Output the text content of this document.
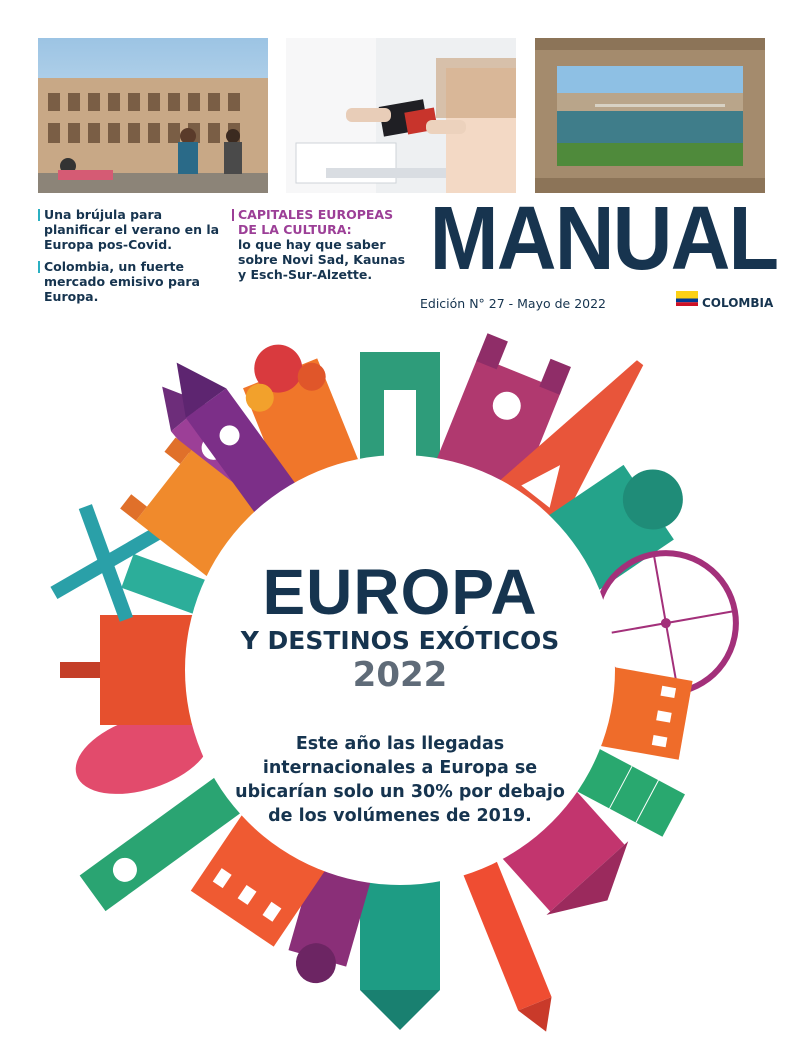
Una brújula para planificar el verano en la Europa pos-Covid.
Colombia, un fuerte mercado emisivo para Europa.
CAPITALES EUROPEAS DE LA CULTURA:
lo que hay que saber sobre Novi Sad, Kaunas y Esch-Sur-Alzette. MANUAL
Edición N° 27 - Mayo de 2022	COLOMBIA
EUROPA
Y DESTINOS EXÓTICOS
2022
Este año las llegadas internacionales a Europa se ubicarían solo un 30% por debajo de los volúmenes de 2019.
